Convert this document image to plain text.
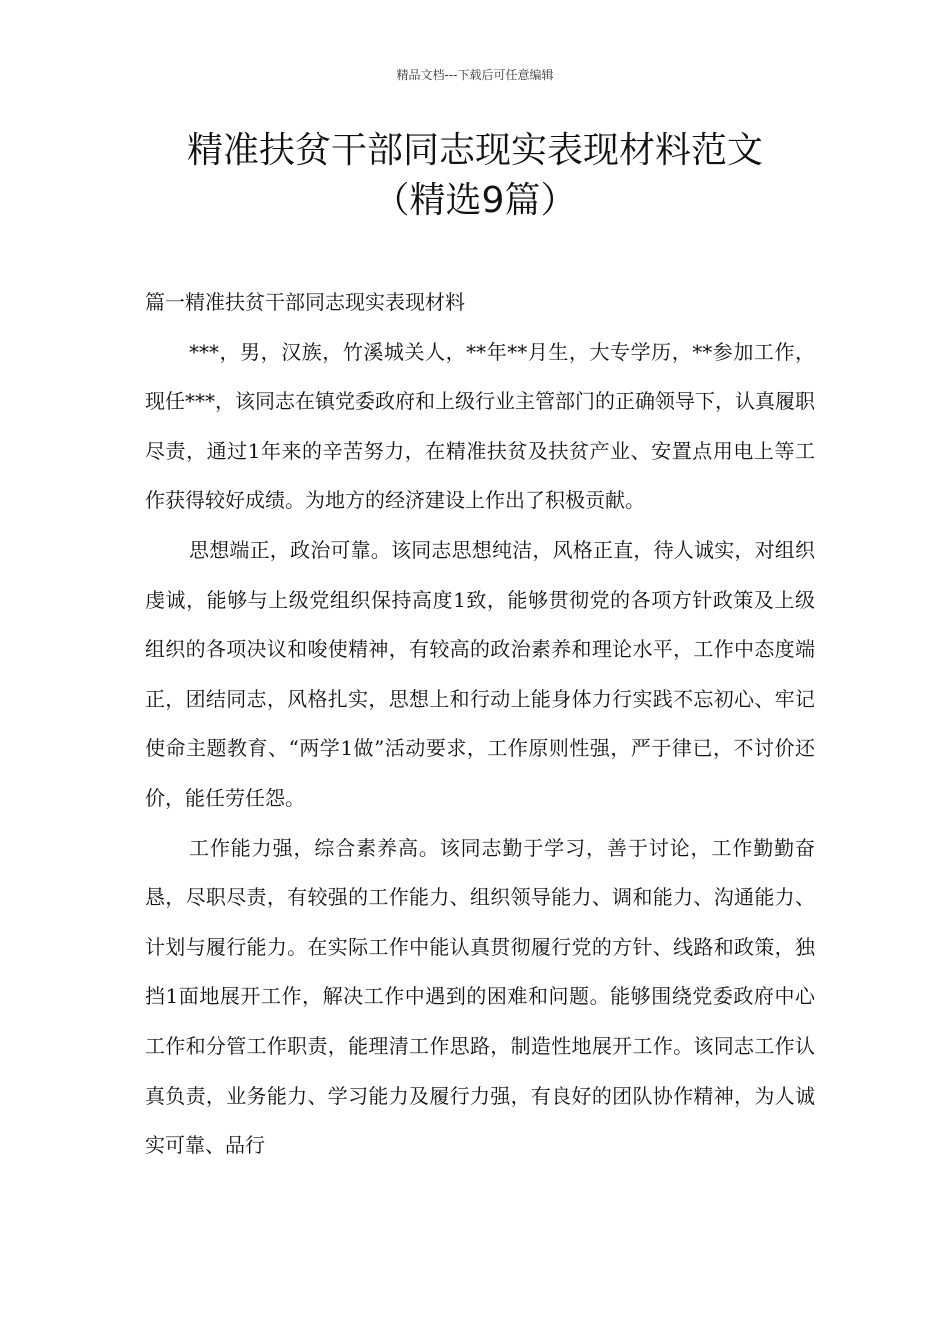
精品文档---下载后可任意编辑
精准扶贫干部同志现实表现材料范文
（精选9篇）
篇一精准扶贫干部同志现实表现材料

***，男，汉族，竹溪城关人，**年**月生，大专学历，**参加工作，现任***，该同志在镇党委政府和上级行业主管部门的正确领导下，认真履职尽责，通过1年来的辛苦努力，在精准扶贫及扶贫产业、安置点用电上等工作获得较好成绩。为地方的经济建设上作出了积极贡献。

思想端正，政治可靠。该同志思想纯洁，风格正直，待人诚实，对组织虔诚，能够与上级党组织保持高度1致，能够贯彻党的各项方针政策及上级组织的各项决议和唆使精神，有较高的政治素养和理论水平，工作中态度端正，团结同志，风格扎实，思想上和行动上能身体力行实践不忘初心、牢记使命主题教育、“两学1做”活动要求，工作原则性强，严于律已，不讨价还价，能任劳任怨。

工作能力强，综合素养高。该同志勤于学习，善于讨论，工作勤勤奋恳，尽职尽责，有较强的工作能力、组织领导能力、调和能力、沟通能力、计划与履行能力。在实际工作中能认真贯彻履行党的方针、线路和政策，独挡1面地展开工作，解决工作中遇到的困难和问题。能够围绕党委政府中心工作和分管工作职责，能理清工作思路，制造性地展开工作。该同志工作认真负责，业务能力、学习能力及履行力强，有良好的团队协作精神，为人诚实可靠、品行
